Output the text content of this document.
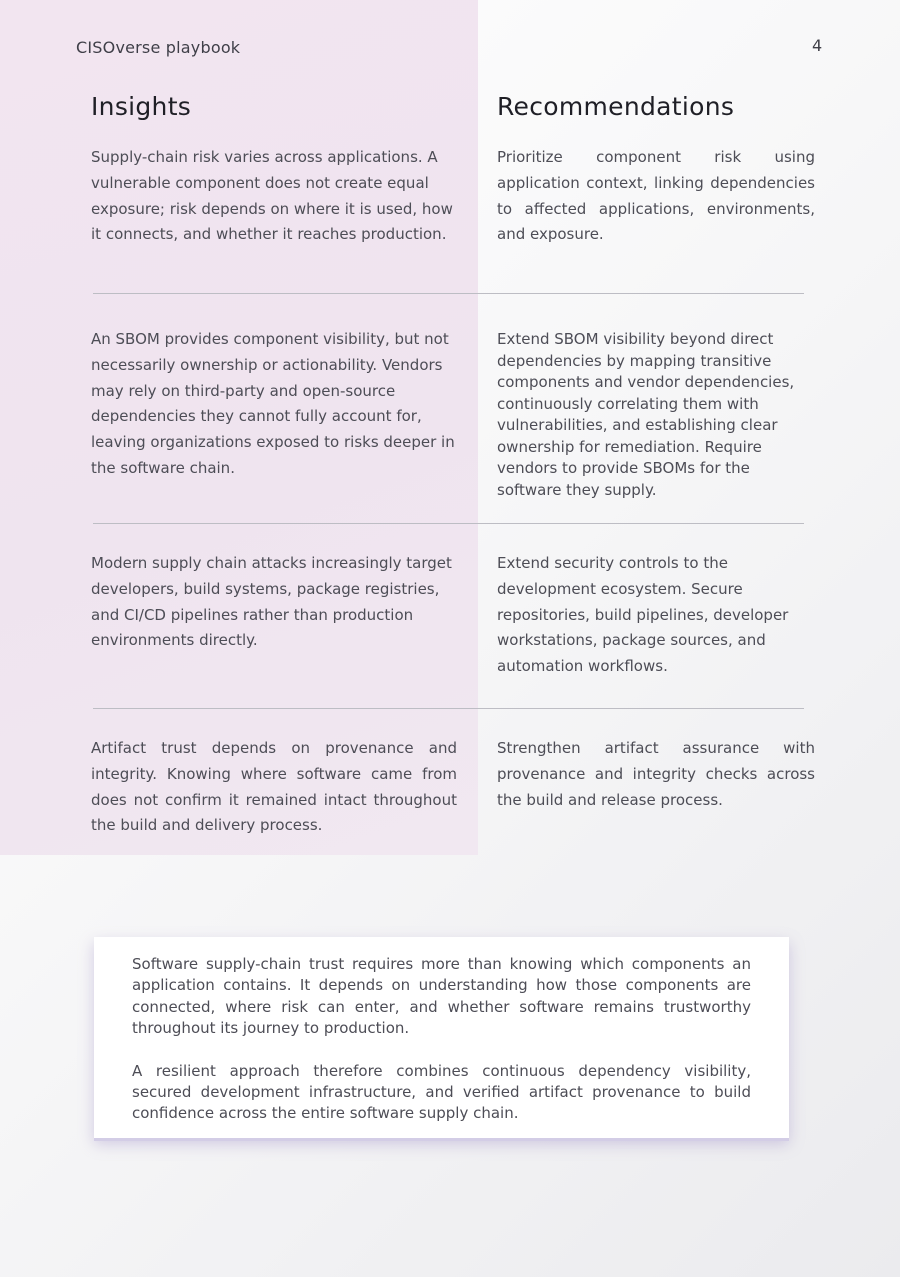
CISOverse playbook	4
Insights	Recommendations

Supply-chain risk varies across applications. A vulnerable component does not create equal exposure; risk depends on where it is used, how it connects, and whether it reaches production.

Prioritize component risk using application context, linking dependencies to affected applications, environments, and exposure.

An SBOM provides component visibility, but not necessarily ownership or actionability. Vendors may rely on third-party and open-source dependencies they cannot fully account for, leaving organizations exposed to risks deeper in the software chain.

Extend SBOM visibility beyond direct dependencies by mapping transitive components and vendor dependencies, continuously correlating them with vulnerabilities, and establishing clear ownership for remediation. Require vendors to provide SBOMs for the software they supply.

Modern supply chain attacks increasingly target developers, build systems, package registries, and CI/CD pipelines rather than production environments directly.

Extend security controls to the development ecosystem. Secure repositories, build pipelines, developer workstations, package sources, and automation workflows.

Artifact trust depends on provenance and integrity. Knowing where software came from does not confirm it remained intact throughout the build and delivery process.

Strengthen artifact assurance with provenance and integrity checks across the build and release process.

Software supply-chain trust requires more than knowing which components an application contains. It depends on understanding how those components are connected, where risk can enter, and whether software remains trustworthy throughout its journey to production.

A resilient approach therefore combines continuous dependency visibility, secured development infrastructure, and verified artifact provenance to build confidence across the entire software supply chain.
